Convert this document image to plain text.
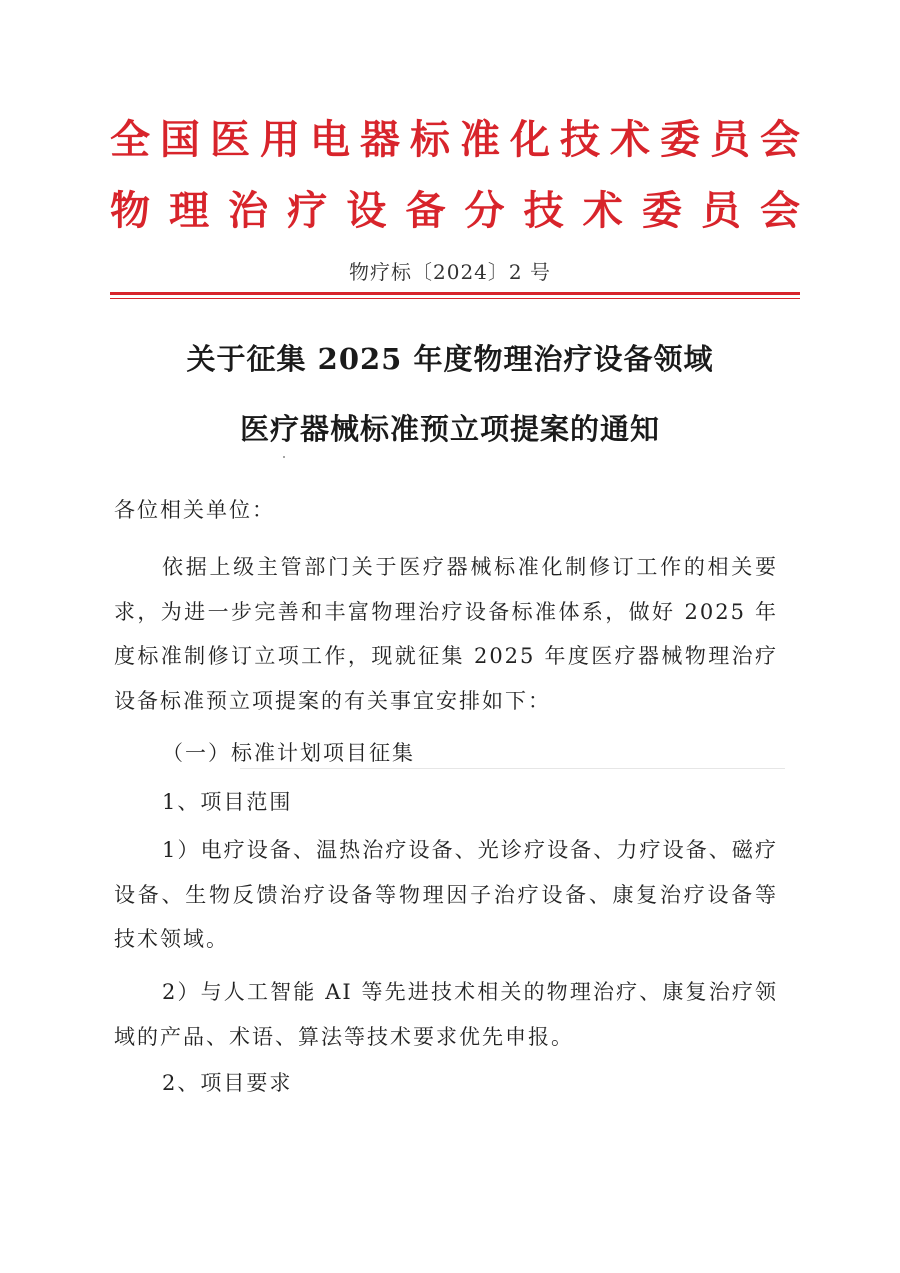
全国医用电器标准化技术委员会
物理治疗设备分技术委员会
物疗标〔2024〕2 号
关于征集 2025 年度物理治疗设备领域
医疗器械标准预立项提案的通知
各位相关单位：
依据上级主管部门关于医疗器械标准化制修订工作的相关要求，为进一步完善和丰富物理治疗设备标准体系，做好 2025 年度标准制修订立项工作，现就征集 2025 年度医疗器械物理治疗设备标准预立项提案的有关事宜安排如下：
（一）标准计划项目征集
1、项目范围
1）电疗设备、温热治疗设备、光诊疗设备、力疗设备、磁疗设备、生物反馈治疗设备等物理因子治疗设备、康复治疗设备等技术领域。
2）与人工智能 AI 等先进技术相关的物理治疗、康复治疗领域的产品、术语、算法等技术要求优先申报。
2、项目要求
